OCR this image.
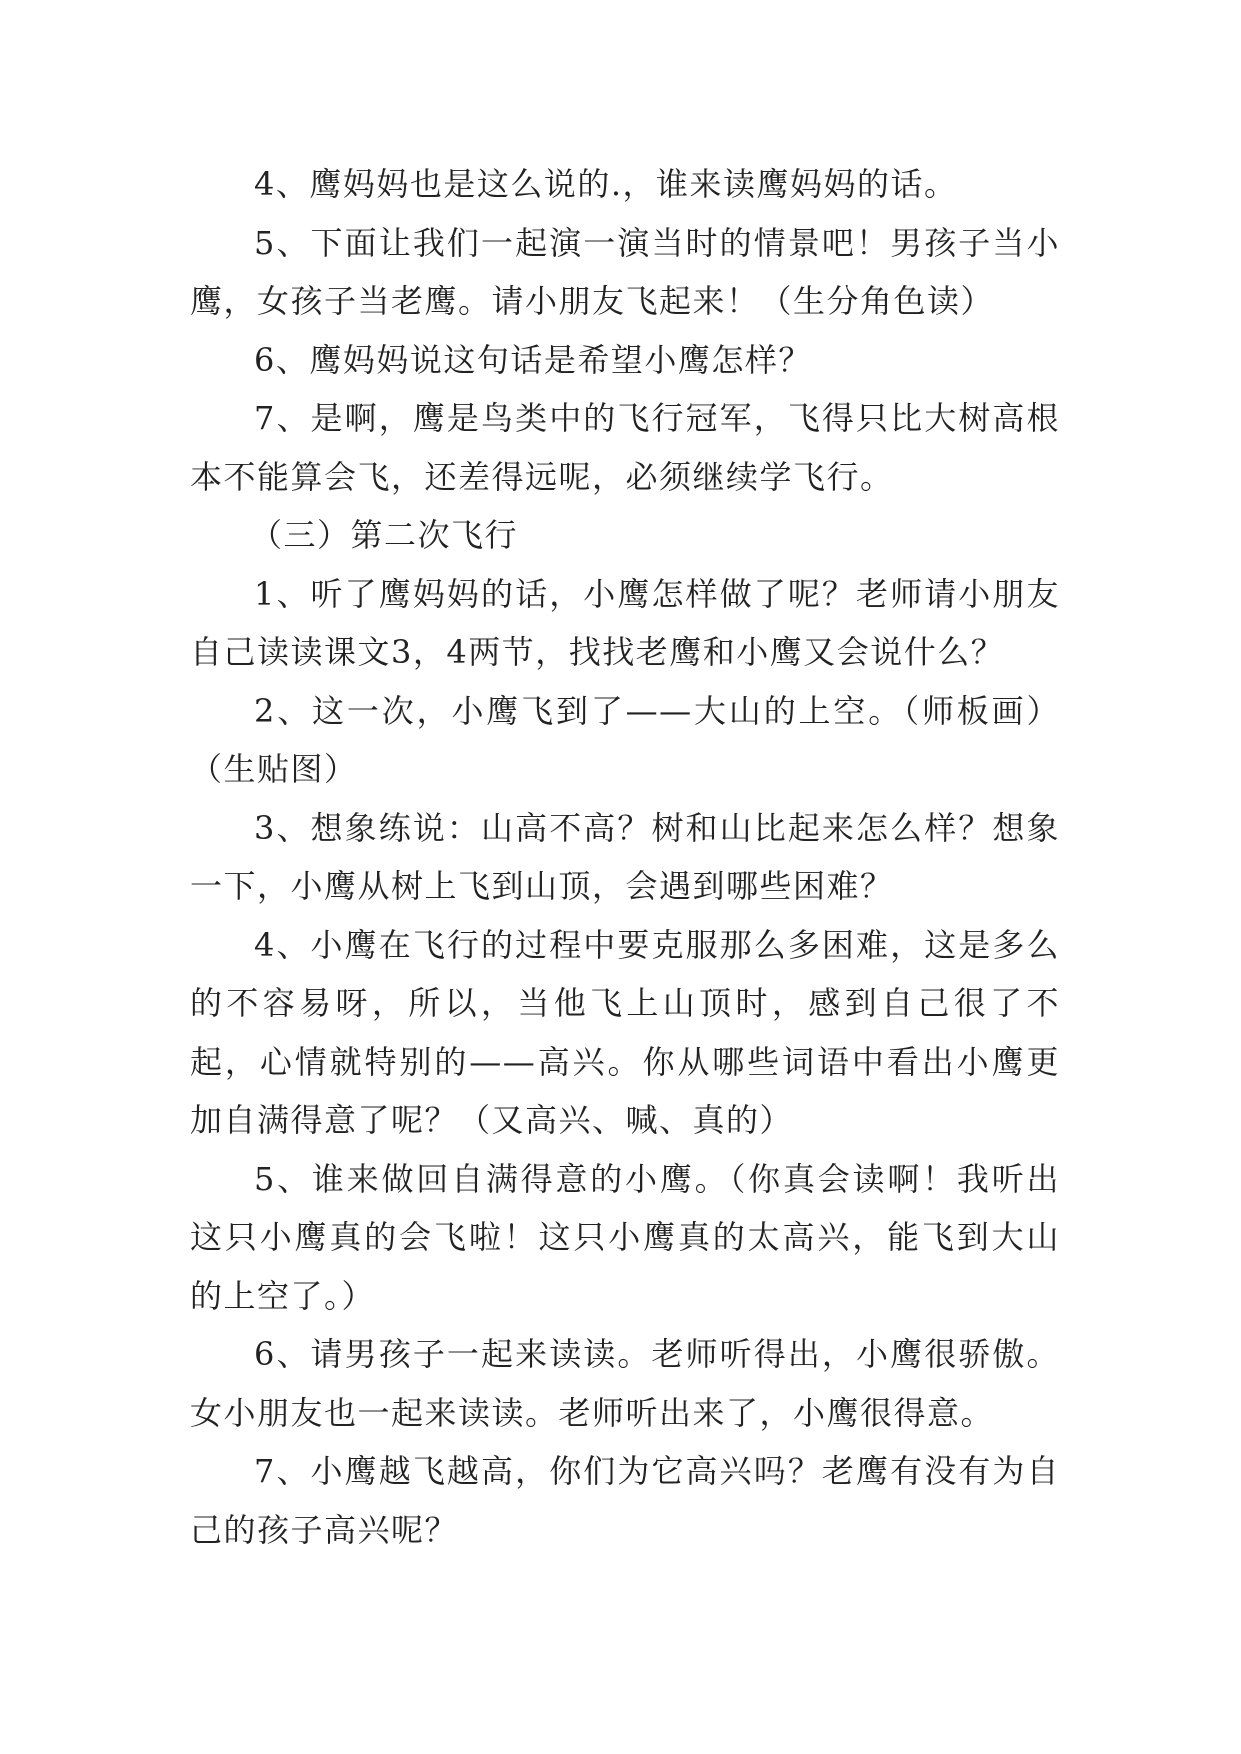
4、鹰妈妈也是这么说的.，谁来读鹰妈妈的话。

5、下面让我们一起演一演当时的情景吧！男孩子当小鹰，女孩子当老鹰。请小朋友飞起来！（生分角色读）

6、鹰妈妈说这句话是希望小鹰怎样？

7、是啊，鹰是鸟类中的飞行冠军，飞得只比大树高根本不能算会飞，还差得远呢，必须继续学飞行。

（三）第二次飞行

1、听了鹰妈妈的话，小鹰怎样做了呢？老师请小朋友自己读读课文3，4两节，找找老鹰和小鹰又会说什么？

2、这一次，小鹰飞到了——大山的上空。（师板画）（生贴图）

3、想象练说：山高不高？树和山比起来怎么样？想象一下，小鹰从树上飞到山顶，会遇到哪些困难？

4、小鹰在飞行的过程中要克服那么多困难，这是多么的不容易呀，所以，当他飞上山顶时，感到自己很了不起，心情就特别的——高兴。你从哪些词语中看出小鹰更加自满得意了呢？（又高兴、喊、真的）

5、谁来做回自满得意的小鹰。（你真会读啊！我听出这只小鹰真的会飞啦！这只小鹰真的太高兴，能飞到大山的上空了。）

6、请男孩子一起来读读。老师听得出，小鹰很骄傲。女小朋友也一起来读读。老师听出来了，小鹰很得意。

7、小鹰越飞越高，你们为它高兴吗？老鹰有没有为自己的孩子高兴呢？
